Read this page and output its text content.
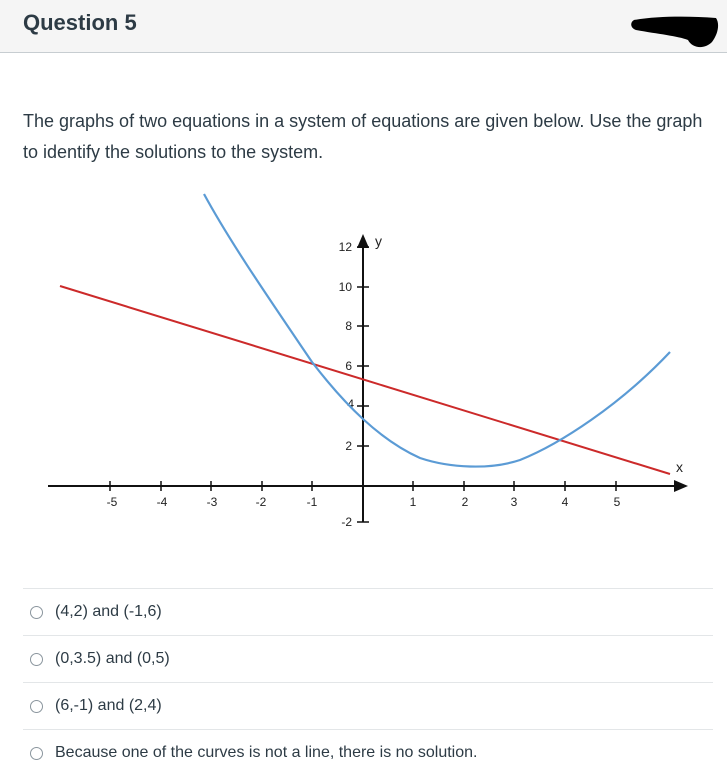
Question 5
The graphs of two equations in a system of equations are given below. Use the graph to identify the solutions to the system.
-5	-4	-3	-2	-1	1	2	3	4	5
12
10
8
6
4
2
-2
y
x
(4,2) and (-1,6)
(0,3.5) and (0,5)
(6,-1) and (2,4)
Because one of the curves is not a line, there is no solution.
